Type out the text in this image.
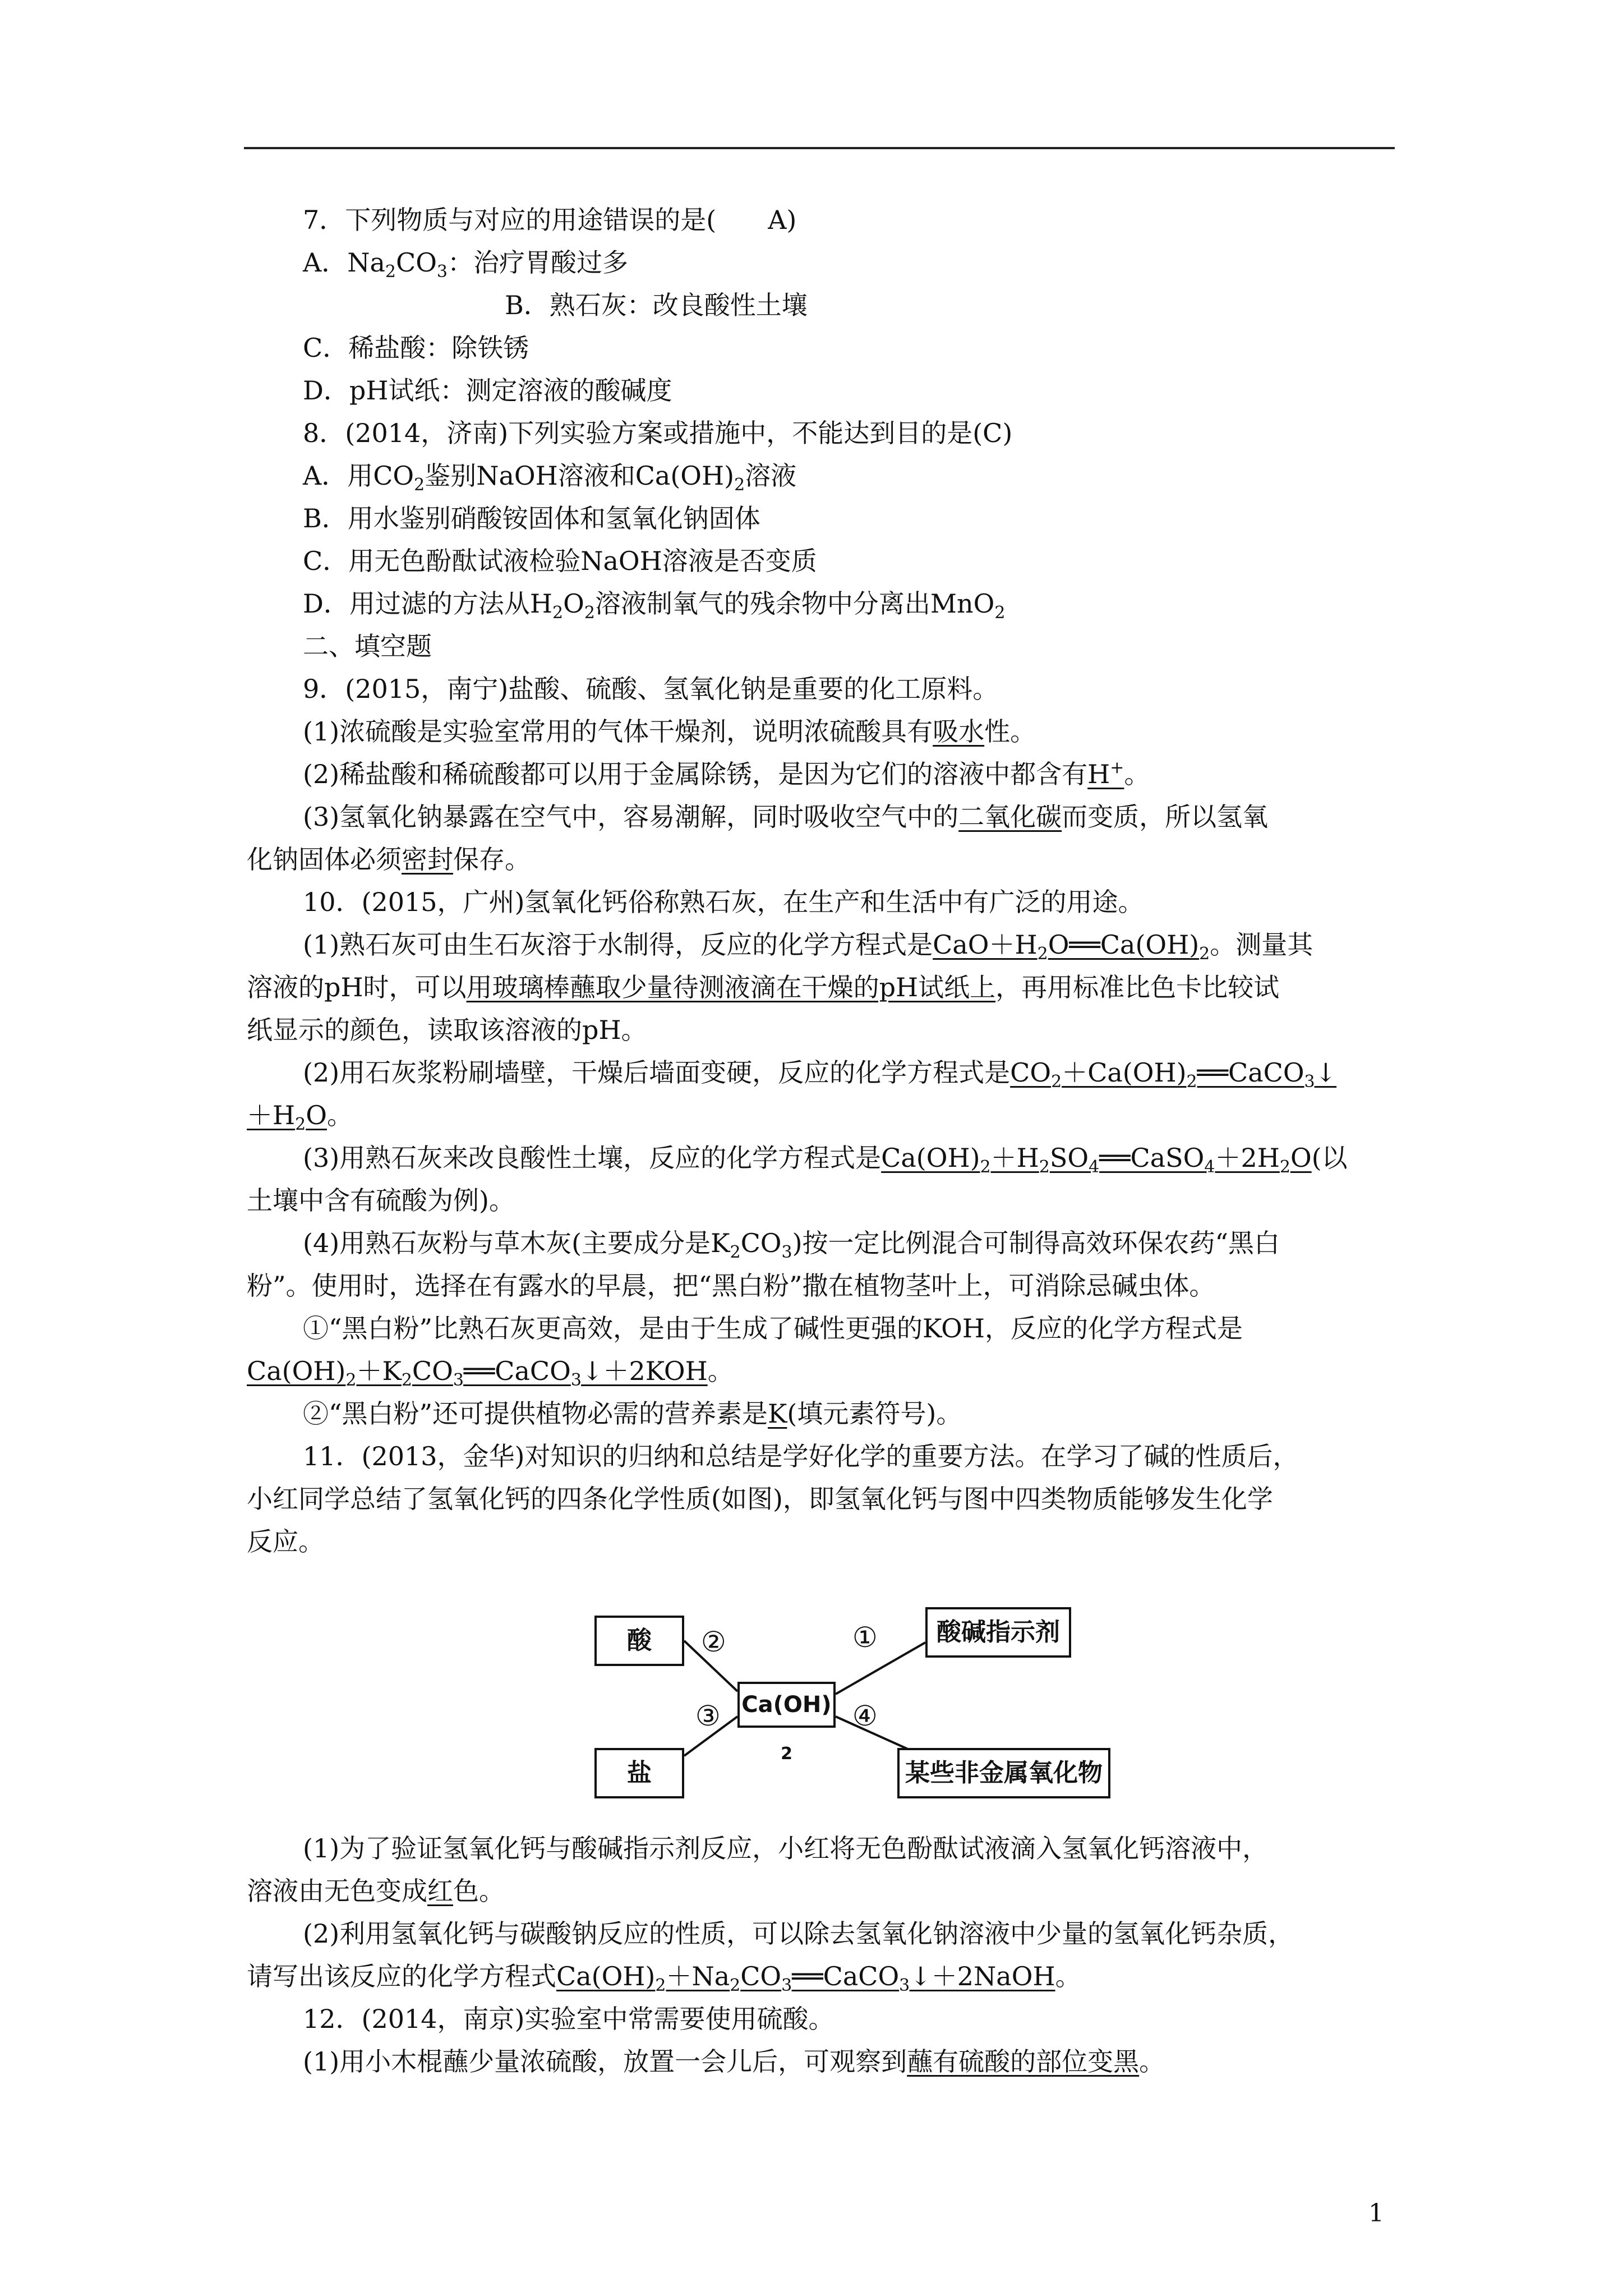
7．下列物质与对应的用途错误的是(　　A)
A．$Na_2CO_3$：治疗胃酸过多
B．熟石灰：改良酸性土壤
C．稀盐酸：除铁锈
D．pH试纸：测定溶液的酸碱度
8．(2014，济南)下列实验方案或措施中，不能达到目的是(C)
A．用$CO_2$鉴别NaOH溶液和$Ca(OH)_2$溶液
B．用水鉴别硝酸铵固体和氢氧化钠固体
C．用无色酚酞试液检验NaOH溶液是否变质
D．用过滤的方法从$H_2O_2$溶液制氧气的残余物中分离出MnO$_2$
二、填空题
9．(2015，南宁)盐酸、硫酸、氢氧化钠是重要的化工原料。
(1)浓硫酸是实验室常用的气体干燥剂，说明浓硫酸具有吸水性。
(2)稀盐酸和稀硫酸都可以用于金属除锈，是因为它们的溶液中都含有H+。
(3)氢氧化钠暴露在空气中，容易潮解，同时吸收空气中的二氧化碳而变质，所以氢氧
化钠固体必须密封保存。
10．(2015，广州)氢氧化钙俗称熟石灰，在生产和生活中有广泛的用途。
(1)熟石灰可由生石灰溶于水制得，反应的化学方程式是$CaO+H_2O══Ca(OH)_2$。测量其
溶液的pH时，可以用玻璃棒蘸取少量待测液滴在干燥的pH试纸上，再用标准比色卡比较试
纸显示的颜色，读取该溶液的pH。
(2)用石灰浆粉刷墙壁，干燥后墙面变硬，反应的化学方程式是$CO_2+Ca(OH)_2══CaCO_3↓$
$+H_2O$。
(3)用熟石灰来改良酸性土壤，反应的化学方程式是$Ca(OH)_2+H_2SO_4══CaSO_4+2H_2O$(以
土壤中含有硫酸为例)。
(4)用熟石灰粉与草木灰(主要成分是$K_2CO_3$)按一定比例混合可制得高效环保农药“黑白
粉”。使用时，选择在有露水的早晨，把“黑白粉”撒在植物茎叶上，可消除忌碱虫体。
①“黑白粉”比熟石灰更高效，是由于生成了碱性更强的KOH，反应的化学方程式是
$Ca(OH)_2+K_2CO_3══CaCO_3↓+2KOH$。
②“黑白粉”还可提供植物必需的营养素是K(填元素符号)。
11．(2013，金华)对知识的归纳和总结是学好化学的重要方法。在学习了碱的性质后，
小红同学总结了氢氧化钙的四条化学性质(如图)，即氢氧化钙与图中四类物质能够发生化学
反应。
酸	酸碱指示剂
Ca(OH)
$_2$
盐	某些非金属氧化物
①
②
③	④
(1)为了验证氢氧化钙与酸碱指示剂反应，小红将无色酚酞试液滴入氢氧化钙溶液中，
溶液由无色变成红色。
(2)利用氢氧化钙与碳酸钠反应的性质，可以除去氢氧化钠溶液中少量的氢氧化钙杂质，
请写出该反应的化学方程式$Ca(OH)_2+Na_2CO_3══CaCO_3↓+2NaOH$。
12．(2014，南京)实验室中常需要使用硫酸。
(1)用小木棍蘸少量浓硫酸，放置一会儿后，可观察到蘸有硫酸的部位变黑。
1
